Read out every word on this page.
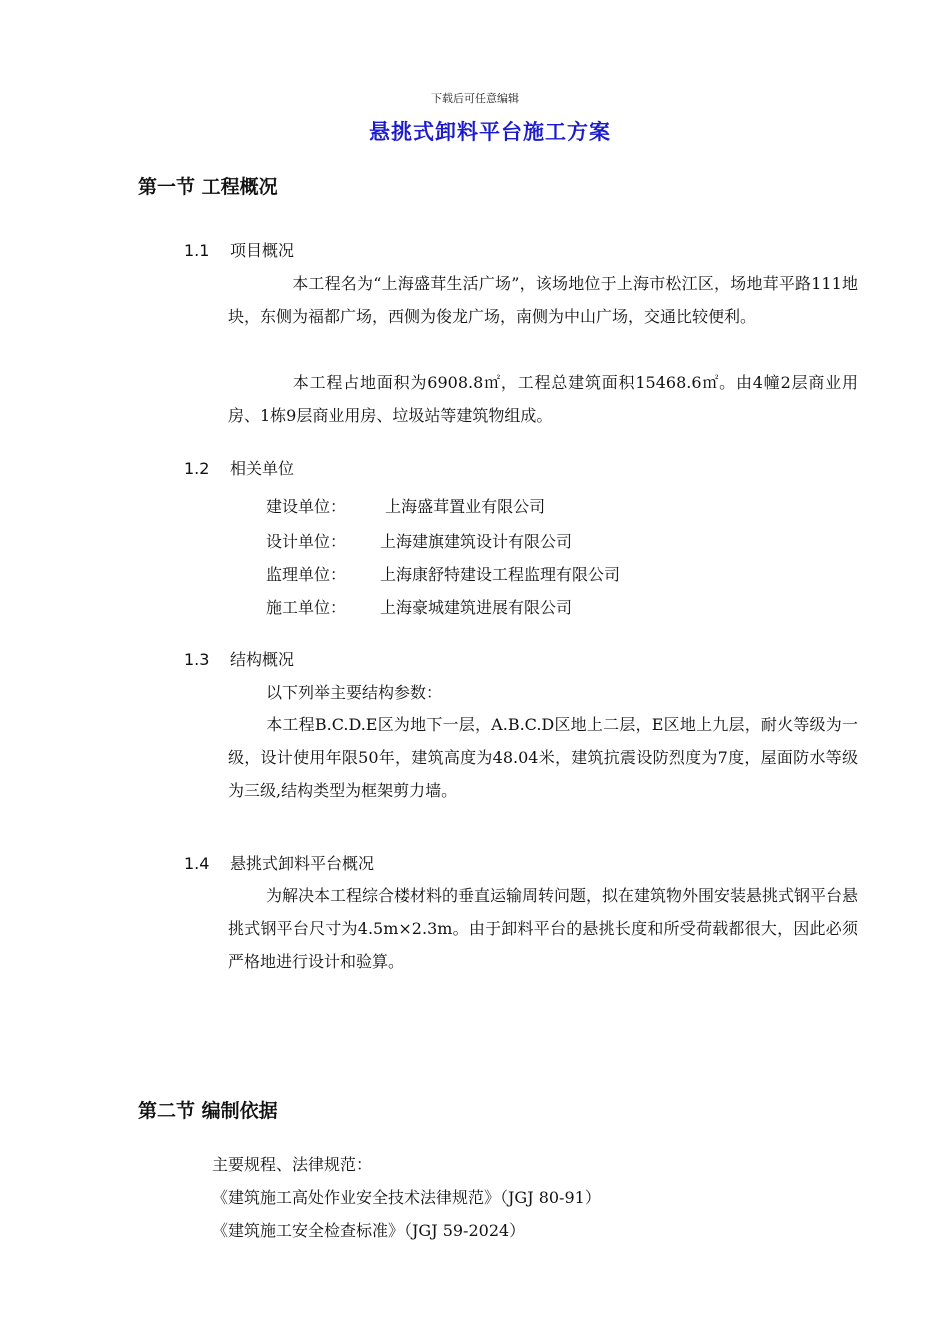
下载后可任意编辑
悬挑式卸料平台施工方案
第一节 工程概况
1.1 项目概况
本工程名为“上海盛茸生活广场”，该场地位于上海市松江区，场地茸平路111地块，东侧为福都广场，西侧为俊龙广场，南侧为中山广场，交通比较便利。
本工程占地面积为6908.8㎡，工程总建筑面积15468.6㎡。由4幢2层商业用房、1栋9层商业用房、垃圾站等建筑物组成。
1.2 相关单位
建设单位： 上海盛茸置业有限公司
设计单位： 上海建旗建筑设计有限公司
监理单位： 上海康舒特建设工程监理有限公司
施工单位： 上海豪城建筑进展有限公司
1.3 结构概况
以下列举主要结构参数：
本工程B.C.D.E区为地下一层，A.B.C.D区地上二层，E区地上九层，耐火等级为一级，设计使用年限50年，建筑高度为48.04米，建筑抗震设防烈度为7度，屋面防水等级为三级,结构类型为框架剪力墙。
1.4 悬挑式卸料平台概况
为解决本工程综合楼材料的垂直运输周转问题，拟在建筑物外围安装悬挑式钢平台悬挑式钢平台尺寸为4.5m×2.3m。由于卸料平台的悬挑长度和所受荷载都很大，因此必须严格地进行设计和验算。
第二节 编制依据
主要规程、法律规范：
《建筑施工高处作业安全技术法律规范》（JGJ 80-91）
《建筑施工安全检查标准》（JGJ 59-2024）
